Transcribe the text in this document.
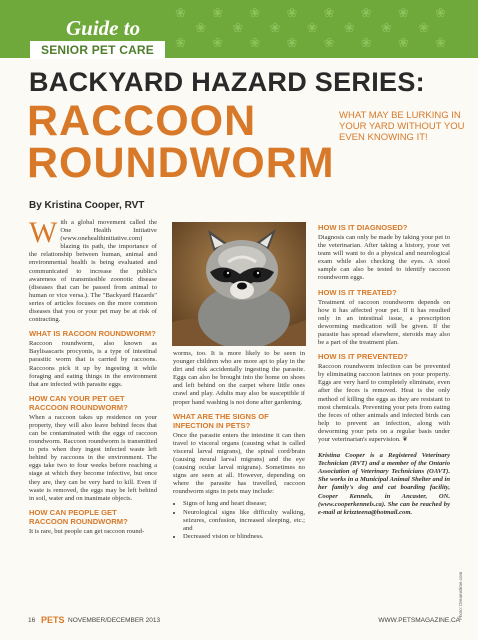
❀  ❀  ❀  ❀  ❀  ❀  ❀  ❀
❀  ❀  ❀  ❀  ❀  ❀  ❀
❀  ❀  ❀  ❀  ❀  ❀  ❀  ❀
Guide to
SENIOR PET CARE
BACKYARD HAZARD SERIES:
RACCOON
ROUNDWORM
WHAT MAY BE LURKING IN YOUR YARD WITHOUT YOU EVEN KNOWING IT!
By Kristina Cooper, RVT

With a global movement called the One Health Initiative (www.onehealthinitiative.com) blazing its path, the importance of the relationship between human, animal and environmental health is being evaluated and communicated to increase the public's awareness of transmissible zoonotic disease (diseases that can be passed from animal to human or vice versa.). The "Backyard Hazards" series of articles focuses on the more common diseases that you or your pet may be at risk of contracting.

WHAT IS RACOON ROUNDWORM?

Raccoon roundworm, also known as Baylisascaris procyonis, is a type of intestinal parasitic worm that is carried by raccoons. Raccoons pick it up by ingesting it while foraging and eating things in the environment that are infected with parasite eggs.

HOW CAN YOUR PET GET RACCOON ROUNDWORM?

When a raccoon takes up residence on your property, they will also leave behind feces that can be contaminated with the eggs of raccoon roundworm. Raccoon roundworm is transmitted to pets when they ingest infected waste left behind by raccoons in the environment. The eggs take two to four weeks before reaching a stage at which they become infective, but once they are, they can be very hard to kill. Even if waste is removed, the eggs may be left behind in soil, water and on inanimate objects.

HOW CAN PEOPLE GET RACCOON ROUNDWORM?

It is rare, but people can get raccoon round-

worms, too. It is more likely to be seen in younger children who are more apt to play in the dirt and risk accidentally ingesting the parasite. Eggs can also be brought into the home on shoes and left behind on the carpet where little ones crawl and play. Adults may also be susceptible if proper hand washing is not done after gardening.

WHAT ARE THE SIGNS OF INFECTION IN PETS?

Once the parasite enters the intestine it can then travel to visceral organs (causing what is called visceral larval migrans), the spinal cord/brain (causing neural larval migrans) and the eye (causing ocular larval migrans). Sometimes no signs are seen at all. However, depending on where the parasite has travelled, raccoon roundworm signs in pets may include:

• Signs of lung and heart disease;
• Neurological signs like difficulty walking, seizures, confusion, increased sleeping, etc.; and
• Decreased vision or blindness.
HOW IS IT DIAGNOSED?

Diagnosis can only be made by taking your pet to the veterinarian. After taking a history, your vet team will want to do a physical and neurological exam while also checking the eyes. A stool sample can also be tested to identify raccoon roundworm eggs.

HOW IS IT TREATED?

Treatment of raccoon roundworm depends on how it has affected your pet. If it has resulted only in an intestinal issue, a prescription deworming medication will be given. If the parasite has spread elsewhere, steroids may also be a part of the treatment plan.

HOW IS IT PREVENTED?

Raccoon roundworm infection can be prevented by eliminating raccoon latrines on your property. Eggs are very hard to completely eliminate, even after the feces is removed. Heat is the only method of killing the eggs as they are resistant to most chemicals. Preventing your pets from eating the feces of other animals and infected birds can help to prevent an infection, along with deworming your pets on a regular basis under your veterinarian's supervision. ❦

Kristina Cooper is a Registered Veterinary Technician (RVT) and a member of the Ontario Association of Veterinary Technicians (OAVT). She works in a Municipal Animal Shelter and in her family's dog and cat boarding facility, Cooper Kennels, in Ancaster, ON. (www.cooperkennels.ca). She can be reached by e-mail at krizzteena@hotmail.com.

Photo: Dreamstime.com
16 PETS NOVEMBER/DECEMBER 2013	WWW.PETSMAGAZINE.CA
